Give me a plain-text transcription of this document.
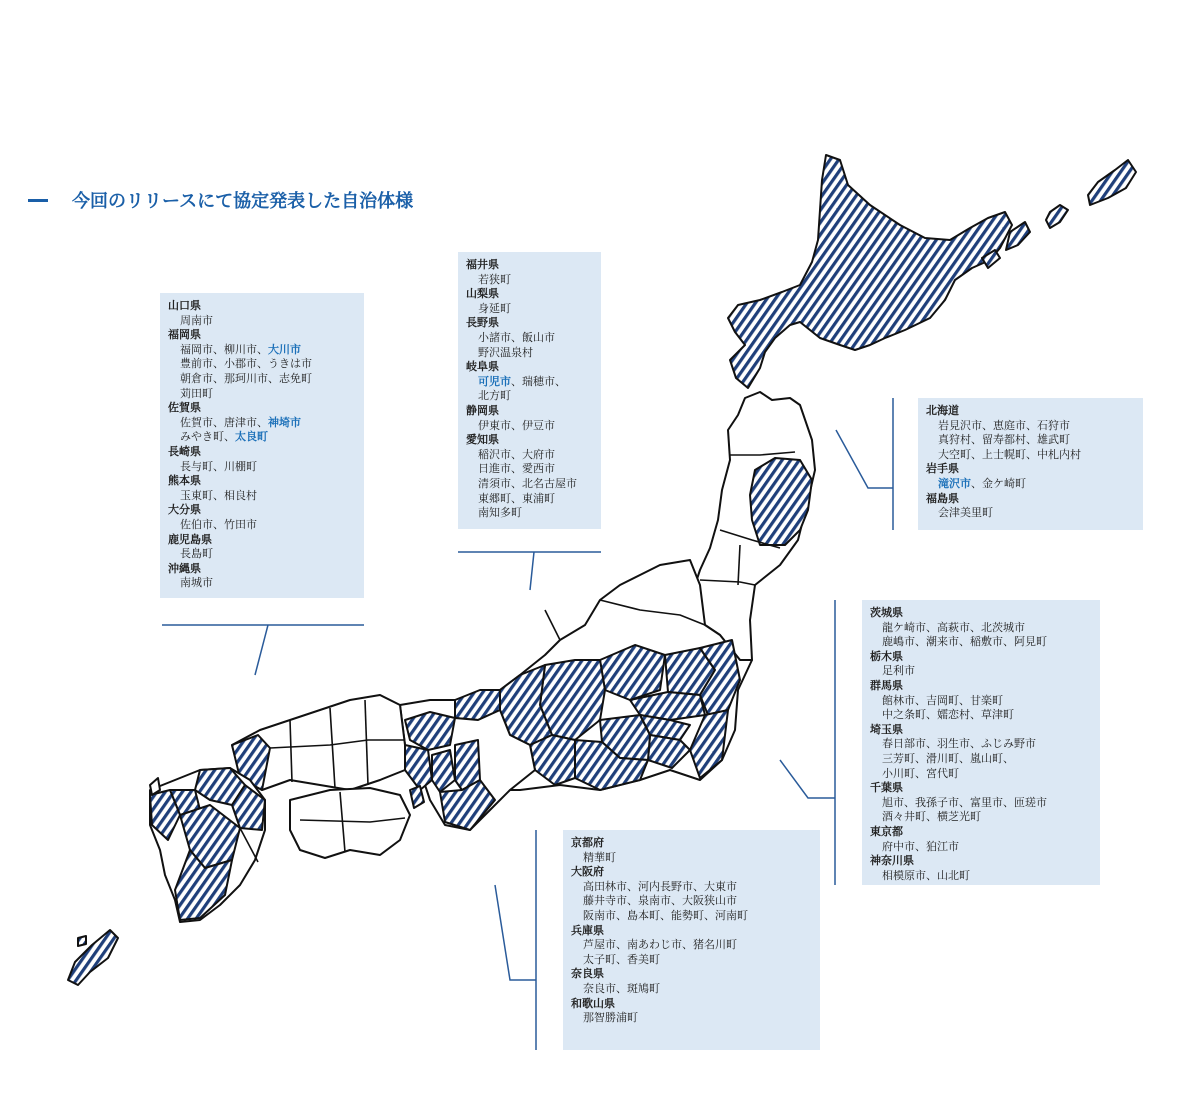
今回のリリースにて協定発表した自治体様
山口県
周南市
福岡県
福岡市、柳川市、大川市
豊前市、小郡市、うきは市
朝倉市、那珂川市、志免町
苅田町
佐賀県
佐賀市、唐津市、神埼市
みやき町、太良町
長崎県
長与町、川棚町
熊本県
玉東町、相良村
大分県
佐伯市、竹田市
鹿児島県
長島町
沖縄県
南城市
福井県
若狭町
山梨県
身延町
長野県
小諸市、飯山市
野沢温泉村
岐阜県
可児市、瑞穂市、
北方町
静岡県
伊東市、伊豆市
愛知県
稲沢市、大府市
日進市、愛西市
清須市、北名古屋市
東郷町、東浦町
南知多町
北海道
岩見沢市、恵庭市、石狩市
真狩村、留寿都村、雄武町
大空町、上士幌町、中札内村
岩手県
滝沢市、金ケ崎町
福島県
会津美里町
茨城県
龍ケ崎市、高萩市、北茨城市
鹿嶋市、潮来市、稲敷市、阿見町
栃木県
足利市
群馬県
館林市、吉岡町、甘楽町
中之条町、嬬恋村、草津町
埼玉県
春日部市、羽生市、ふじみ野市
三芳町、滑川町、嵐山町、
小川町、宮代町
千葉県
旭市、我孫子市、富里市、匝瑳市
酒々井町、横芝光町
東京都
府中市、狛江市
神奈川県
相模原市、山北町
京都府
精華町
大阪府
高田林市、河内長野市、大東市
藤井寺市、泉南市、大阪狭山市
阪南市、島本町、能勢町、河南町
兵庫県
芦屋市、南あわじ市、猪名川町
太子町、香美町
奈良県
奈良市、斑鳩町
和歌山県
那智勝浦町
